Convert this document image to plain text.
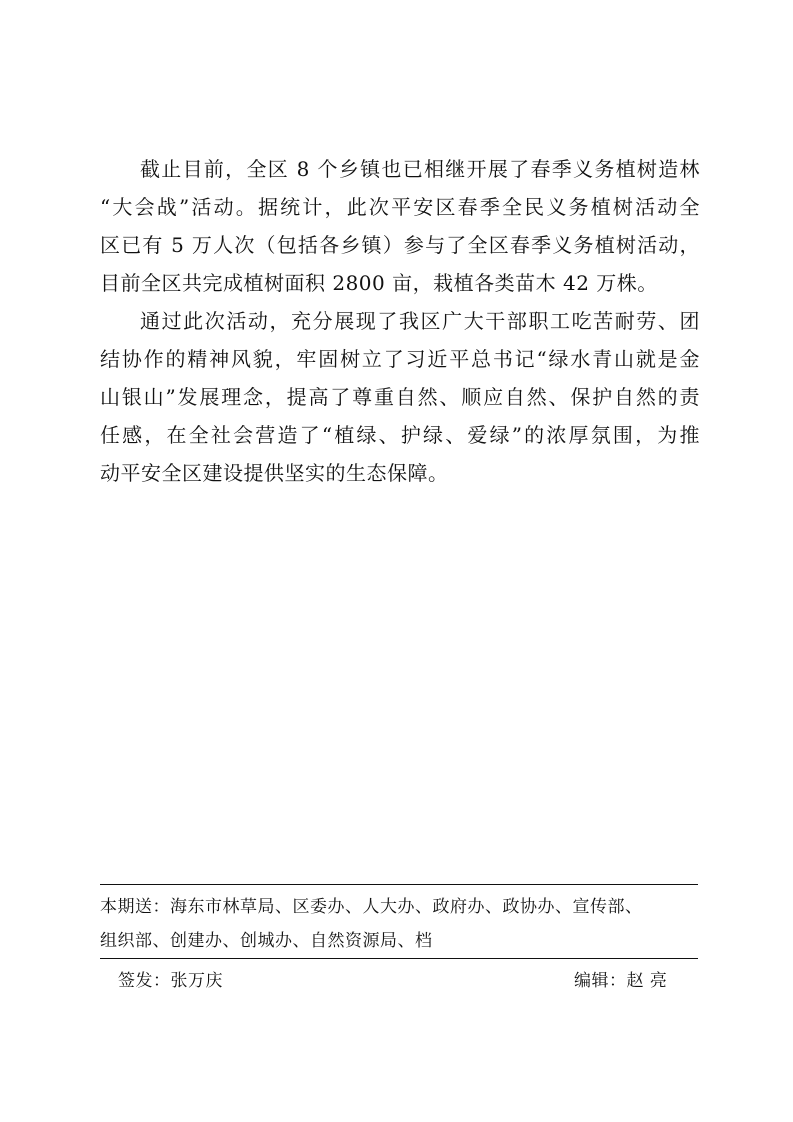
截止目前，全区 8 个乡镇也已相继开展了春季义务植树造林
“大会战”活动。据统计，此次平安区春季全民义务植树活动全
区已有 5 万人次（包括各乡镇）参与了全区春季义务植树活动，
目前全区共完成植树面积 2800 亩，栽植各类苗木 42 万株。
通过此次活动，充分展现了我区广大干部职工吃苦耐劳、团
结协作的精神风貌，牢固树立了习近平总书记“绿水青山就是金
山银山”发展理念，提高了尊重自然、顺应自然、保护自然的责
任感，在全社会营造了“植绿、护绿、爱绿”的浓厚氛围，为推
动平安全区建设提供坚实的生态保障。
本期送：海东市林草局、区委办、人大办、政府办、政协办、宣传部、
组织部、创建办、创城办、自然资源局、档
签发：张万庆	编辑：赵 亮
